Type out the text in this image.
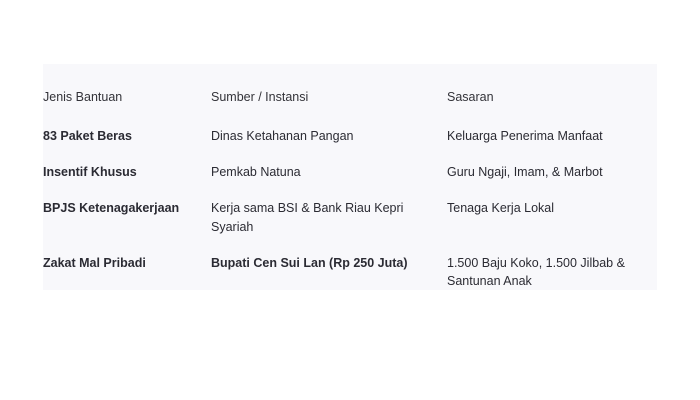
Jenis Bantuan	Sumber / Instansi	Sasaran
83 Paket Beras	Dinas Ketahanan Pangan	Keluarga Penerima Manfaat
Insentif Khusus	Pemkab Natuna	Guru Ngaji, Imam, & Marbot
BPJS Ketenagakerjaan	Kerja sama BSI & Bank Riau Kepri Syariah	Tenaga Kerja Lokal
Zakat Mal Pribadi	Bupati Cen Sui Lan (Rp 250 Juta)	1.500 Baju Koko, 1.500 Jilbab & Santunan Anak
